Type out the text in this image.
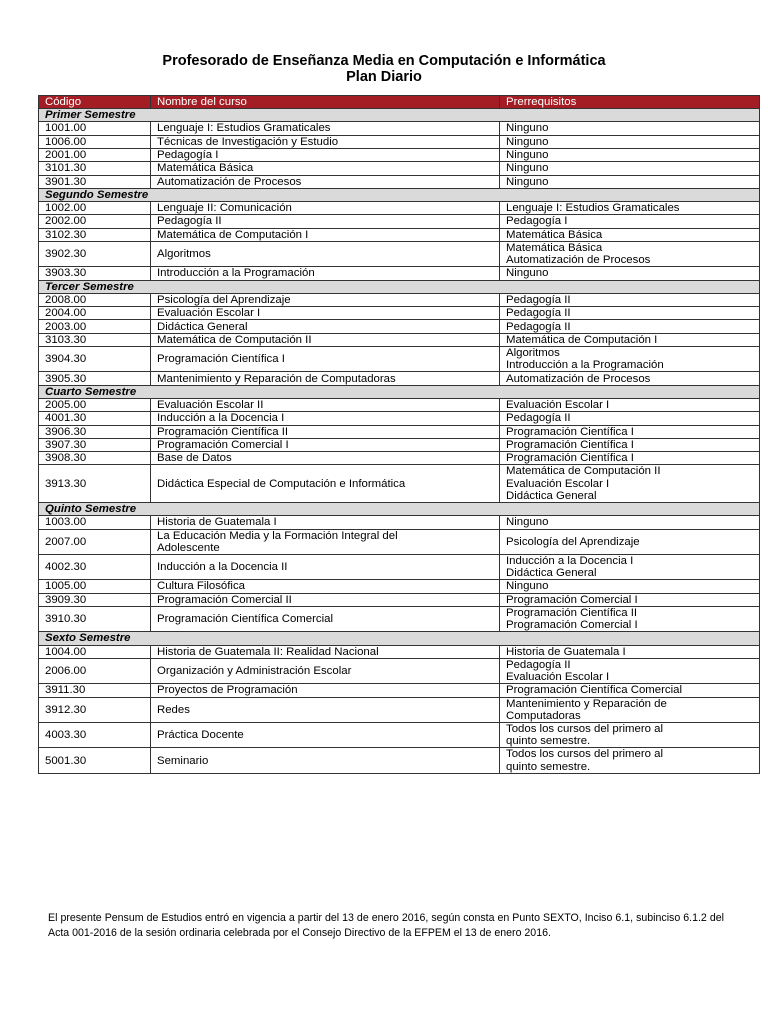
Profesorado de Enseñanza Media en Computación e Informática
Plan Diario
Código	Nombre del curso	Prerrequisitos
Primer Semestre		
1001.00	Lenguaje I: Estudios Gramaticales	Ninguno

1006.00	Técnicas de Investigación y Estudio	Ninguno

2001.00	Pedagogía I	Ninguno

3101.30	Matemática Básica	Ninguno

3901.30	Automatización de Procesos	Ninguno

Segundo Semestre		
1002.00	Lenguaje II: Comunicación	Lenguaje I: Estudios Gramaticales

2002.00	Pedagogía II	Pedagogía I

3102.30	Matemática de Computación I	Matemática Básica

3902.30	Algoritmos	Matemática Básica
Automatización de Procesos

3903.30	Introducción a la Programación	Ninguno

Tercer Semestre		
2008.00	Psicología del Aprendizaje	Pedagogía II

2004.00	Evaluación Escolar I	Pedagogía II

2003.00	Didáctica General	Pedagogía II

3103.30	Matemática de Computación II	Matemática de Computación I

3904.30	Programación Científica I	Algoritmos
Introducción a la Programación

3905.30	Mantenimiento y Reparación de Computadoras	Automatización de Procesos

Cuarto Semestre		
2005.00	Evaluación Escolar II	Evaluación Escolar I

4001.30	Inducción a la Docencia I	Pedagogía II

3906.30	Programación Científica II	Programación Científica I

3907.30	Programación Comercial I	Programación Científica I

3908.30	Base de Datos	Programación Científica I

3913.30	Didáctica Especial de Computación e Informática	Matemática de Computación II
Evaluación Escolar I
Didáctica General

Quinto Semestre		
1003.00	Historia de Guatemala I	Ninguno

2007.00	La Educación Media y la Formación Integral del
Adolescente	Psicología del Aprendizaje

4002.30	Inducción a la Docencia II	Inducción a la Docencia I
Didáctica General

1005.00	Cultura Filosófica	Ninguno

3909.30	Programación Comercial II	Programación Comercial I

3910.30	Programación Científica Comercial	Programación Científica II
Programación Comercial I

Sexto Semestre		
1004.00	Historia de Guatemala II: Realidad Nacional	Historia de Guatemala I

2006.00	Organización y Administración Escolar	Pedagogía II
Evaluación Escolar I

3911.30	Proyectos de Programación	Programación Científica Comercial

3912.30	Redes	Mantenimiento y Reparación de
Computadoras

4003.30	Práctica Docente	Todos los cursos del primero al
quinto semestre.

5001.30	Seminario	Todos los cursos del primero al
quinto semestre.
El presente Pensum de Estudios entró en vigencia a partir del 13 de enero 2016, según consta en Punto SEXTO, Inciso 6.1, subinciso 6.1.2 del Acta 001-2016 de la sesión ordinaria celebrada por el Consejo Directivo de la EFPEM el 13 de enero 2016.
